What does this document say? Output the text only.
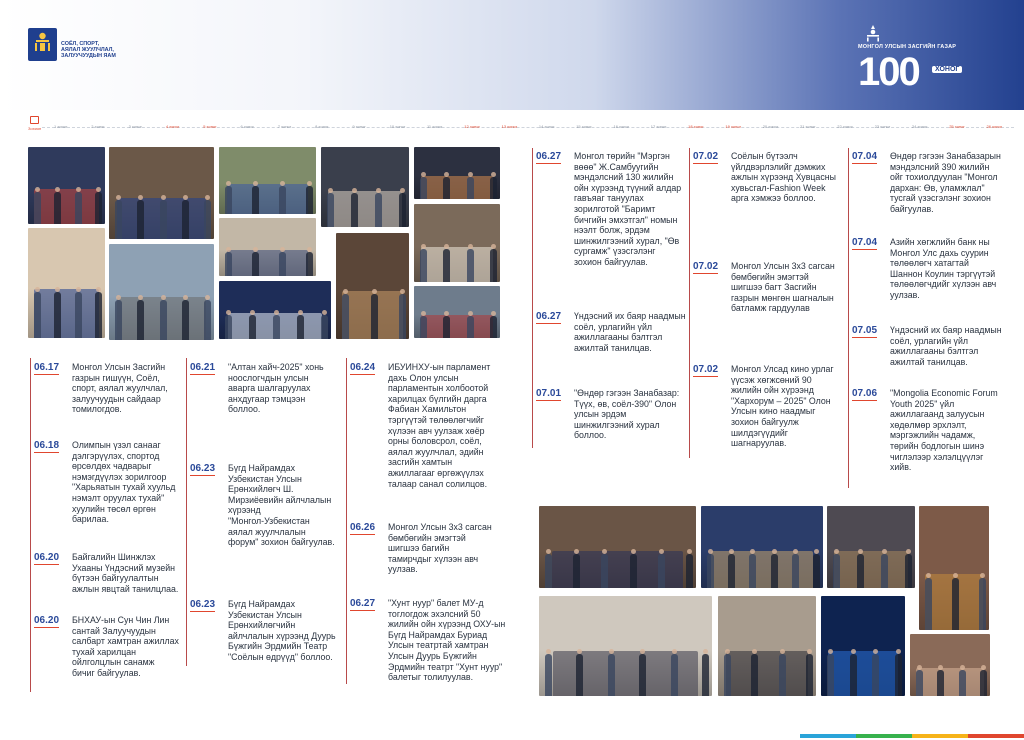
СОЁЛ, СПОРТ,
АЯЛАЛ ЖУУЛЧЛАЛ,
ЗАЛУУЧУУДЫН ЯАМ
МОНГОЛ УЛСЫН ЗАСГИЙН ГАЗАР
100	ХОНОГ
Зохион	1 хоног	2 хоног	3 хоног	4 хоног	5 хоног	6 хоног	7 хоног	8 хоног	9 хоног	10 хоног	11 хоног	12 хоног	13 хоног	14 хоног	15 хоног	16 хоног	17 хоног	18 хоног	19 хоног	20 хоног	21 хоног	22 хоног	23 хоног	24 хоног	25 хоног	26 хоног
06.17 Монгол Улсын Засгийн
газрын гишүүн, Соёл,
спорт, аялал жуулчлал,
залуучуудын сайдаар
томилогдов.
06.18 Олимпын үзэл санааг
дэлгэрүүлэх, спортод
өрсөлдөх чадварыг
нэмэгдүүлэх зорилгоор
"Харьяатын тухай хуульд
нэмэлт оруулах тухай"
хуулийн төсөл өргөн
барилаа.
06.20 Байгалийн Шинжлэх
Ухааны Үндэсний музейн
бүтээн байгуулалтын
ажлын явцтай танилцлаа.
06.20 БНХАУ-ын Сун Чин Лин
сантай Залуучуудын
салбарт хамтран ажиллах
тухай харилцан
ойлголцлын санамж
бичиг байгуулав.
06.21 "Алтан хайч-2025" хонь
ноослогчдын улсын
аварга шалгаруулах
анхдугаар тэмцээн
боллоо.
06.23 Бүгд Найрамдах
Узбекистан Улсын
Ерөнхийлөгч Ш.
Мирзиёевийн айлчлалын
хүрээнд
"Монгол-Узбекистан
аялал жуулчлалын
форум" зохион байгуулав.
06.23 Бүгд Найрамдах
Узбекистан Улсын
Ерөнхийлөгчийн
айлчлалын хүрээнд Дуурь
Бүжгийн Эрдмийн Театр
"Соёлын өдрүүд" боллоо.
06.24 ИБУИНХУ-ын парламент
дахь Олон улсын
парламентын холбоотой
харилцах бүлгийн дарга
Фабиан Хамильтон
тэргүүтэй төлөөлөгчийг
хүлээн авч уулзаж хөёр
орны боловсрол, соёл,
аялал жуулчлал, эдийн
засгийн хамтын
ажиллагааг өргөжүүлэх
талаар санал солилцов.
06.26 Монгол Улсын 3х3 сагсан
бөмбөгийн эмэгтэй
шигшээ багийн
тамирчдыг хүлээн авч
уулзав.
06.27 "Хунт нуур" балет МУ-д
тоглогдож эхэлсний 50
жилийн ойн хүрээнд ОХУ-ын
Бүгд Найрамдах Буриад
Улсын театртай хамтран
Улсын Дуурь Бүжгийн
Эрдмийн театрт "Хунт нуур"
балетыг толилуулав.
06.27 Монгол төрийн "Мэргэн
вөөө" Ж.Самбуугийн
мэндэлсний 130 жилийн
ойн хүрээнд түүний алдар
гавъяаг тануулах
зорилготой "Баримт
бичгийн эмхэтгэл" номын
нээлт болж, эрдэм
шинжилгээний хурал, "Өв
сургамж" үзэсгэлэнг
зохион байгуулав.
06.27 Үндэсний их баяр наадмын
соёл, урлагийн үйл
ажиллагааны бэлтгэл
ажилтай танилцав.
07.01 "Өндөр гэгээн Занабазар:
Түүх, өв, соёл-390" Олон
улсын эрдэм
шинжилгээний хурал
боллоо.
07.02 Соёлын бүтээлч
үйлдвэрлэлийг дэмжих
ажлын хүрээнд Хувцасны
хувьсгал-Fashion Week
арга хэмжээ боллоо.
07.02 Монгол Улсын 3х3 сагсан
бөмбөгийн эмэгтэй
шигшээ багт Засгийн
газрын мөнгөн шагналын
батламж гардуулав
07.02 Монгол Улсад кино урлаг
үүсэж хөгжсөний 90
жилийн ойн хүрээнд
"Хархорум – 2025" Олон
Улсын кино наадмыг
зохион байгуулж
шилдэгүүдийг
шагнаруулав.
07.04 Өндөр гэгээн Занабазарын
мэндэлсний 390 жилийн
ойг тохиолдуулан "Монгол
дархан: Өв, уламжлал"
тусгай үзэсгэлэнг зохион
байгуулав.
07.04 Азийн хөгжлийн банк ны
Монгол Улс дахь суурин
төлөөлөгч хатагтай
Шаннон Коулин тэргүүтэй
төлөөлөгчдийг хүлээн авч
уулзав.
07.05 Үндэсний их баяр наадмын
соёл, урлагийн үйл
ажиллагааны бэлтгэл
ажилтай танилцав.
07.06 "Mongolia Economic Forum
Youth 2025" үйл
ажиллагаанд залуусын
хөдөлмөр эрхлэлт,
мэргэжлийн чадамж,
төрийн бодлогын шинэ
чиглэлээр хэлэлцүүлэг
хийв.
